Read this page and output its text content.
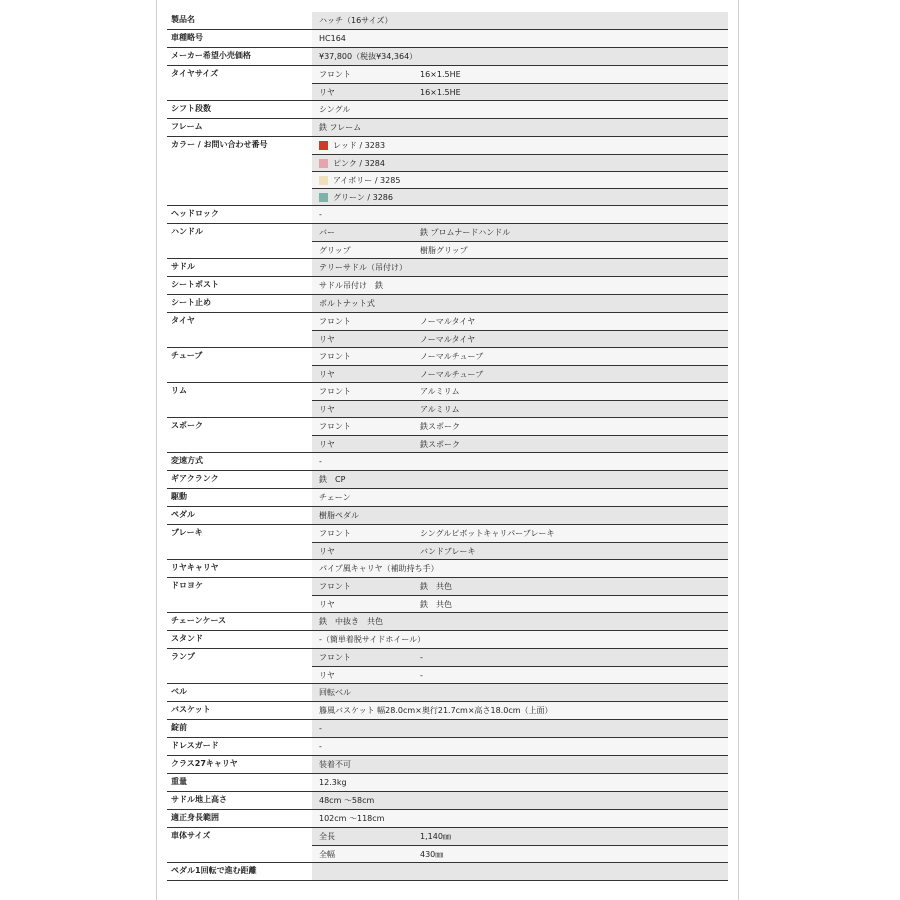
製品名	ハッチ（16サイズ）
車種略号	HC164
メーカー希望小売価格	¥37,800（税抜¥34,364）
タイヤサイズ	フロント	16×1.5HE
リヤ	16×1.5HE
シフト段数	シングル
フレーム	鉄 フレーム
カラー / お問い合わせ番号	レッド / 3283
ピンク / 3284
アイボリー / 3285
グリーン / 3286
ヘッドロック	-
ハンドル	バー	鉄 プロムナードハンドル
グリップ	樹脂グリップ
サドル	テリーサドル（吊付け）
シートポスト	サドル吊付け　鉄
シート止め	ボルトナット式
タイヤ	フロント	ノーマルタイヤ
リヤ	ノーマルタイヤ
チューブ	フロント	ノーマルチューブ
リヤ	ノーマルチューブ
リム	フロント	アルミリム
リヤ	アルミリム
スポーク	フロント	鉄スポーク
リヤ	鉄スポーク
変速方式	-
ギアクランク	鉄　CP
駆動	チェーン
ペダル	樹脂ペダル
ブレーキ	フロント	シングルピボットキャリパーブレーキ
リヤ	バンドブレーキ
リヤキャリヤ	パイプ風キャリヤ（補助持ち手）
ドロヨケ	フロント	鉄　共色
リヤ	鉄　共色
チェーンケース	鉄　中抜き　共色
スタンド	-（簡単着脱サイドホイール）
ランプ	フロント	-
リヤ	-
ベル	回転ベル
バスケット	籐風バスケット 幅28.0cm×奥行21.7cm×高さ18.0cm（上面）
錠前	-
ドレスガード	-
クラス27キャリヤ	装着不可
重量	12.3kg
サドル地上高さ	48cm ～58cm
適正身長範囲	102cm ～118cm
車体サイズ	全長	1,140㎜
全幅	430㎜
ペダル1回転で進む距離
